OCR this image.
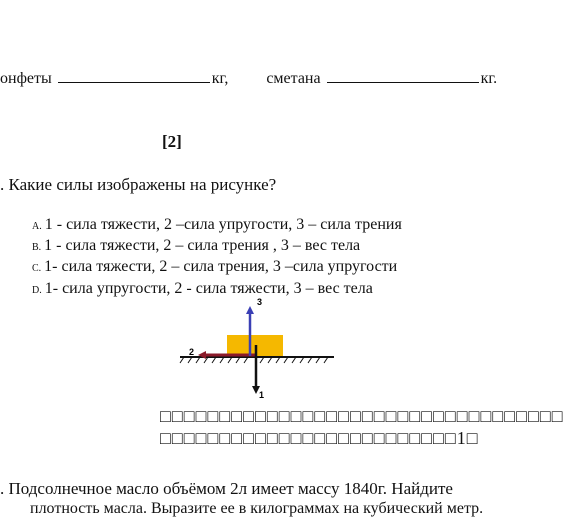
онфеты	кг, сметана	кг.
[2]
. Какие силы изображены на рисунке?
A. 1 - сила тяжести, 2 –сила упругости, 3 – сила трения
B. 1 - сила тяжести, 2 – сила трения , 3 – вес тела
C. 1- сила тяжести, 2 – сила трения, 3 –сила упругости
D. 1- сила упругости, 2 - сила тяжести, 3 – вес тела
3
2
1
□□□□□□□□□□□□□□□□□□□□□□□□□□□□□□□□□□
□□□□□□□□□□□□□□□□□□□□□□□□□1□
. Подсолнечное масло объёмом 2л имеет массу 1840г. Найдите
плотность масла. Выразите ее в килограммах на кубический метр.
